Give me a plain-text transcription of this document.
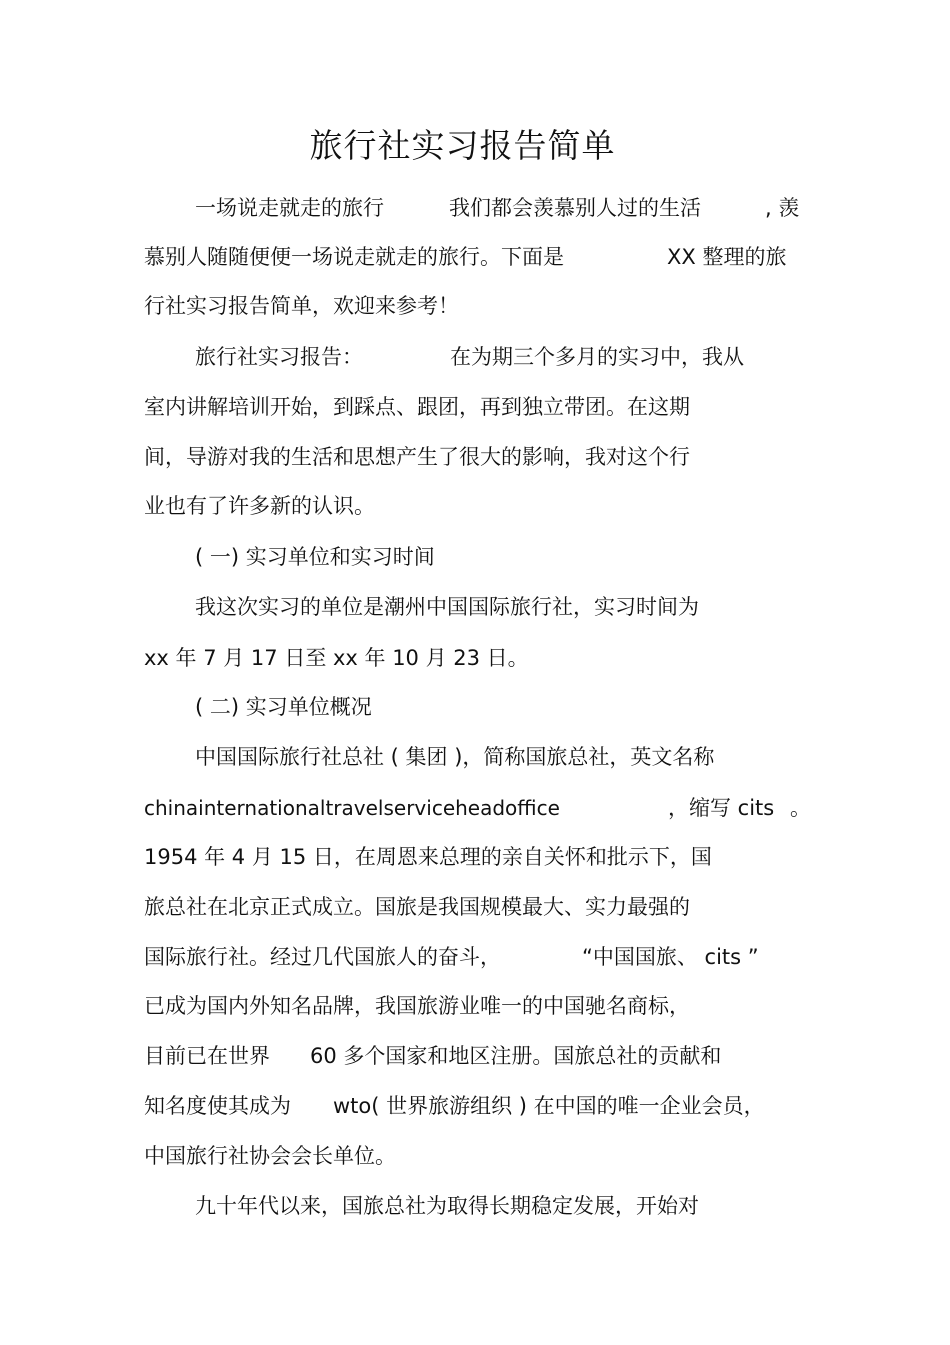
旅行社实习报告简单
一场说走就走的旅行	我们都会羡慕别人过的生活	, 羡
慕别人随随便便一场说走就走的旅行。下面是	XX 整理的旅
行社实习报告简单，欢迎来参考！
旅行社实习报告：	在为期三个多月的实习中，我从
室内讲解培训开始，到踩点、跟团，再到独立带团。在这期
间，导游对我的生活和思想产生了很大的影响，我对这个行
业也有了许多新的认识。
( 一) 实习单位和实习时间
我这次实习的单位是潮州中国国际旅行社，实习时间为
xx 年 7 月 17 日至 xx 年 10 月 23 日。
( 二) 实习单位概况
中国国际旅行社总社 ( 集团 )，简称国旅总社，英文名称
chinainternationaltravelserviceheadoffice	，缩写 cits 。
1954 年 4 月 15 日，在周恩来总理的亲自关怀和批示下，国
旅总社在北京正式成立。国旅是我国规模最大、实力最强的
国际旅行社。经过几代国旅人的奋斗，	“中国国旅、 cits ”
已成为国内外知名品牌，我国旅游业唯一的中国驰名商标，
目前已在世界 60 多个国家和地区注册。国旅总社的贡献和
知名度使其成为 wto( 世界旅游组织 ) 在中国的唯一企业会员，
中国旅行社协会会长单位。
九十年代以来，国旅总社为取得长期稳定发展，开始对
